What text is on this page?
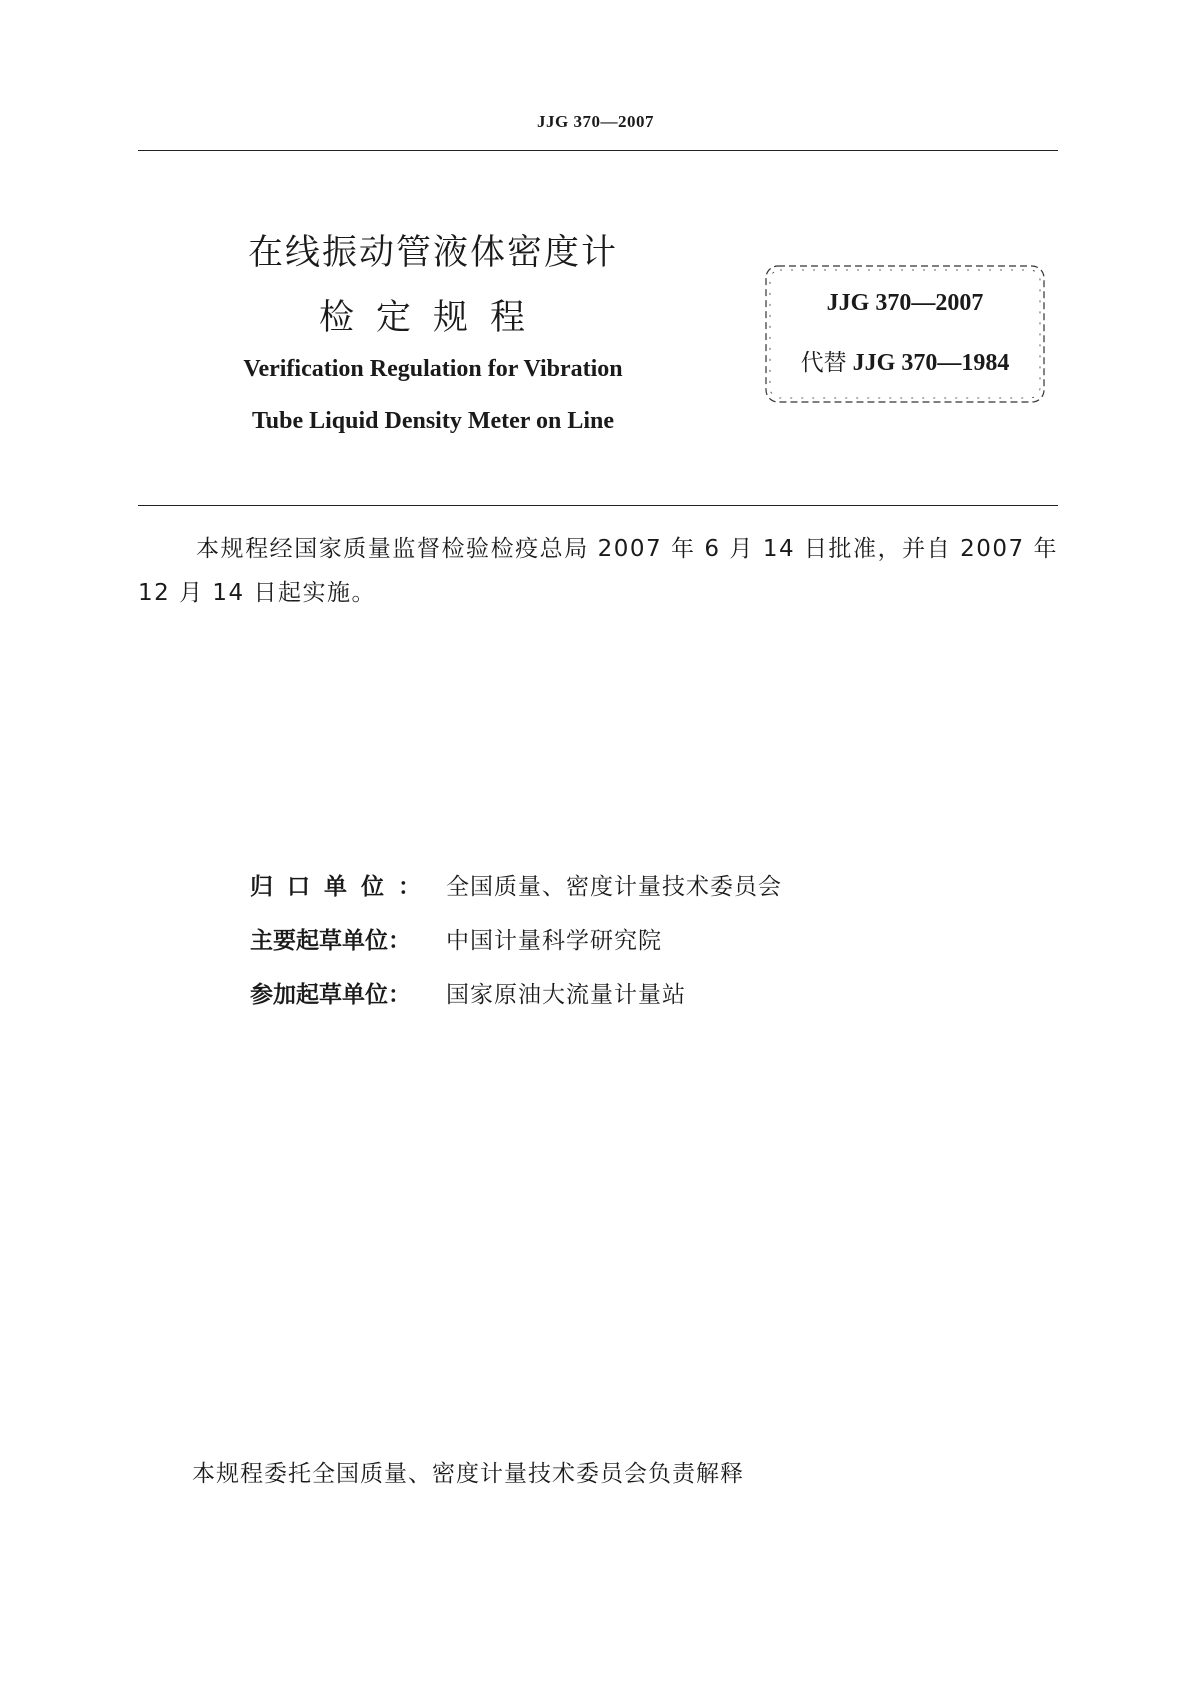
JJG 370—2007
在线振动管液体密度计
检定规程
Verification Regulation for Vibration
Tube Liquid Density Meter on Line
JJG 370—2007
代替 JJG 370—1984

本规程经国家质量监督检验检疫总局 2007 年 6 月 14 日批准，并自 2007 年 12 月 14 日起实施。

归口单位： 全国质量、密度计量技术委员会
主要起草单位： 中国计量科学研究院
参加起草单位： 国家原油大流量计量站
本规程委托全国质量、密度计量技术委员会负责解释
